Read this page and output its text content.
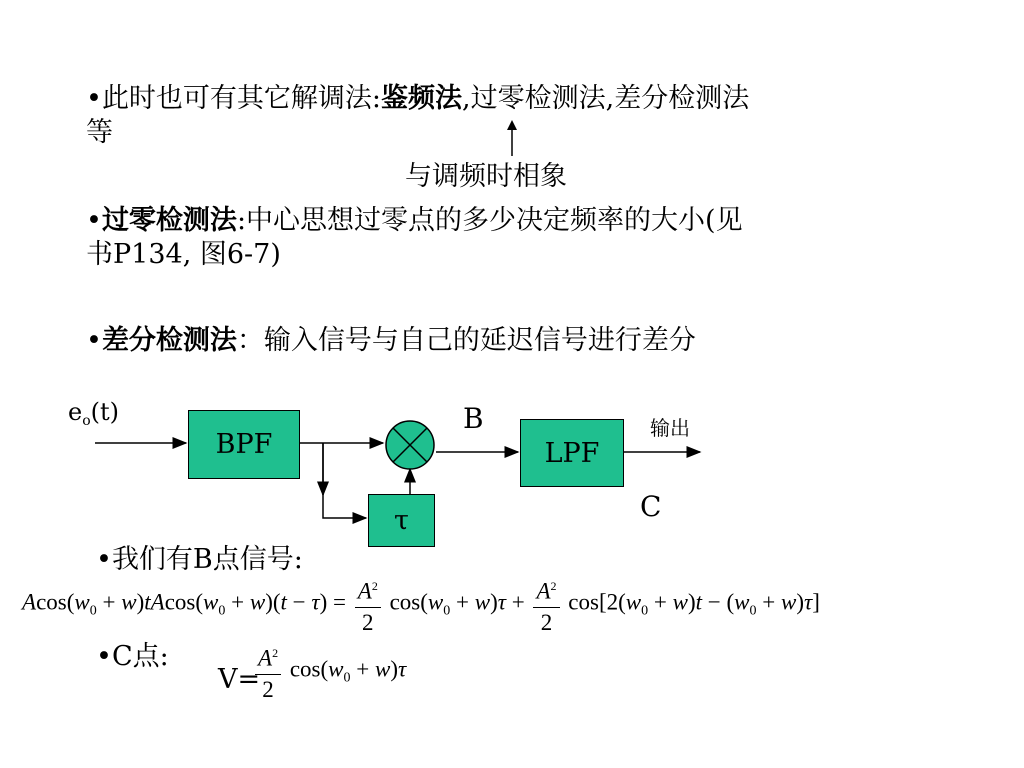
•此时也可有其它解调法:鉴频法,过零检测法,差分检测法
等
与调频时相象
•过零检测法:中心思想过零点的多少决定频率的大小(见
书P134, 图6-7)
•差分检测法：输入信号与自己的延迟信号进行差分
$e_o(t)$
BPF	LPF
τ
B
C
输出
•我们有B点信号:
$Acos(w_0 + w)tAcos(w_0 + w)(t - \tau) = \frac{A^2}{2} \cos(w_0 + w)\tau + \frac{A^2}{2} \cos[2(w_0 + w)t - (w_0 + w)\tau]$
•C点:
V=
$\frac{A^2}{2} \cos(w_0 + w)\tau$
